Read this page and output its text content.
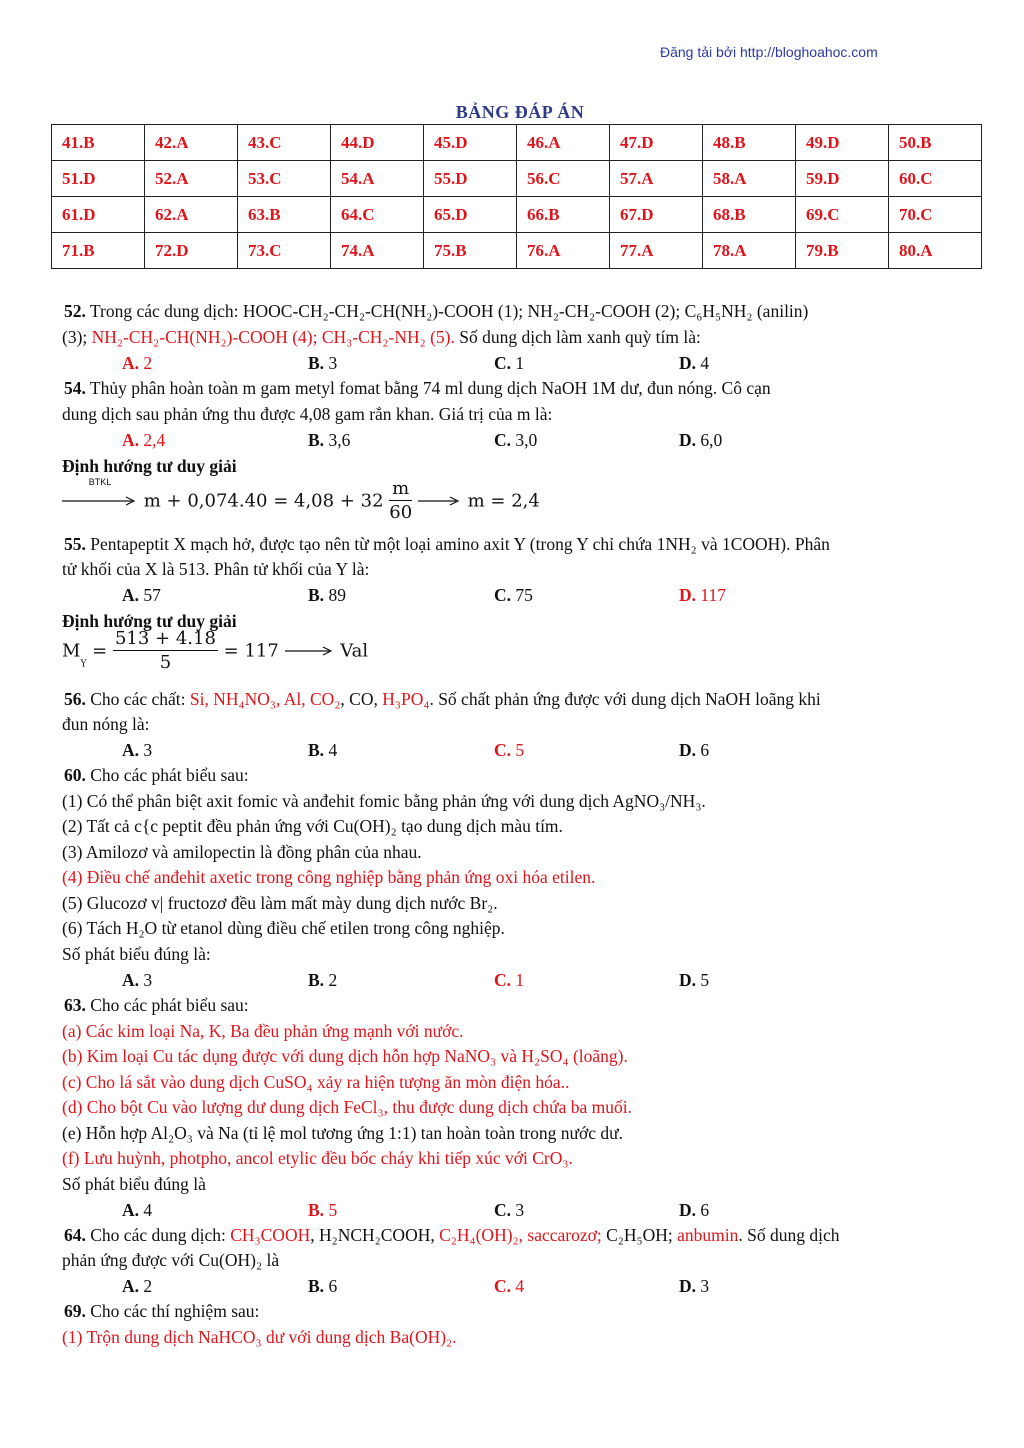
Đăng tải bởi http://bloghoahoc.com
BẢNG ĐÁP ÁN
41.B	42.A	43.C	44.D	45.D	46.A	47.D	48.B	49.D	50.B
51.D	52.A	53.C	54.A	55.D	56.C	57.A	58.A	59.D	60.C
61.D	62.A	63.B	64.C	65.D	66.B	67.D	68.B	69.C	70.C
71.B	72.D	73.C	74.A	75.B	76.A	77.A	78.A	79.B	80.A
52. Trong các dung dịch: HOOC-CH₂-CH₂-CH(NH₂)-COOH (1); NH₂-CH₂-COOH (2); C₆H₅NH₂ (anilin)
(3); NH₂-CH₂-CH(NH₂)-COOH (4); CH₃-CH₂-NH₂ (5). Số dung dịch làm xanh quỳ tím là:
A. 2	B. 3	C. 1	D. 4
54. Thủy phân hoàn toàn m gam metyl fomat bằng 74 ml dung dịch NaOH 1M dư, đun nóng. Cô cạn
dung dịch sau phản ứng thu được 4,08 gam rắn khan. Giá trị của m là:
A. 2,4	B. 3,6	C. 3,0	D. 6,0
Định hướng tư duy giải
BTKL
$m + 0,074.40 = 4,08 + 32 \frac{m}{60}$	m = 2,4
55. Pentapeptit X mạch hở, được tạo nên từ một loại amino axit Y (trong Y chỉ chứa 1NH₂ và 1COOH). Phân
tử khối của X là 513. Phân tử khối của Y là:
A. 57	B. 89	C. 75	D. 117
Định hướng tư duy giải
$M_Y = \frac{513 + 4.18}{5} = 117$	Val
56. Cho các chất: Si, NH₄NO₃, Al, CO₂, CO, H₃PO₄. Số chất phản ứng được với dung dịch NaOH loãng khi
đun nóng là:
A. 3	B. 4	C. 5	D. 6
60. Cho các phát biểu sau:
(1) Có thể phân biệt axit fomic và anđehit fomic bằng phản ứng với dung dịch AgNO₃/NH₃.
(2) Tất cả c{c peptit đều phản ứng với Cu(OH)₂ tạo dung dịch màu tím.
(3) Amilozơ và amilopectin là đồng phân của nhau.
(4) Điều chế anđehit axetic trong công nghiệp bằng phản ứng oxi hóa etilen.
(5) Glucozơ v| fructozơ đều làm mất mày dung dịch nước Br₂.
(6) Tách H₂O từ etanol dùng điều chế etilen trong công nghiệp.
Số phát biểu đúng là:
A. 3	B. 2	C. 1	D. 5
63. Cho các phát biểu sau:
(a) Các kim loại Na, K, Ba đều phản ứng mạnh với nước.
(b) Kim loại Cu tác dụng được với dung dịch hỗn hợp NaNO₃ và H₂SO₄ (loãng).
(c) Cho lá sắt vào dung dịch CuSO₄ xảy ra hiện tượng ăn mòn điện hóa..
(d) Cho bột Cu vào lượng dư dung dịch FeCl₃, thu được dung dịch chứa ba muối.
(e) Hỗn hợp Al₂O₃ và Na (tỉ lệ mol tương ứng 1:1) tan hoàn toàn trong nước dư.
(f) Lưu huỳnh, photpho, ancol etylic đều bốc cháy khi tiếp xúc với CrO₃.
Số phát biểu đúng là
A. 4	B. 5	C. 3	D. 6
64. Cho các dung dịch: CH₃COOH, H₂NCH₂COOH, C₂H₄(OH)₂, saccarozơ; C₂H₅OH; anbumin. Số dung dịch
phản ứng được với Cu(OH)₂ là
A. 2	B. 6	C. 4	D. 3
69. Cho các thí nghiệm sau:
(1) Trộn dung dịch NaHCO₃ dư với dung dịch Ba(OH)₂.
